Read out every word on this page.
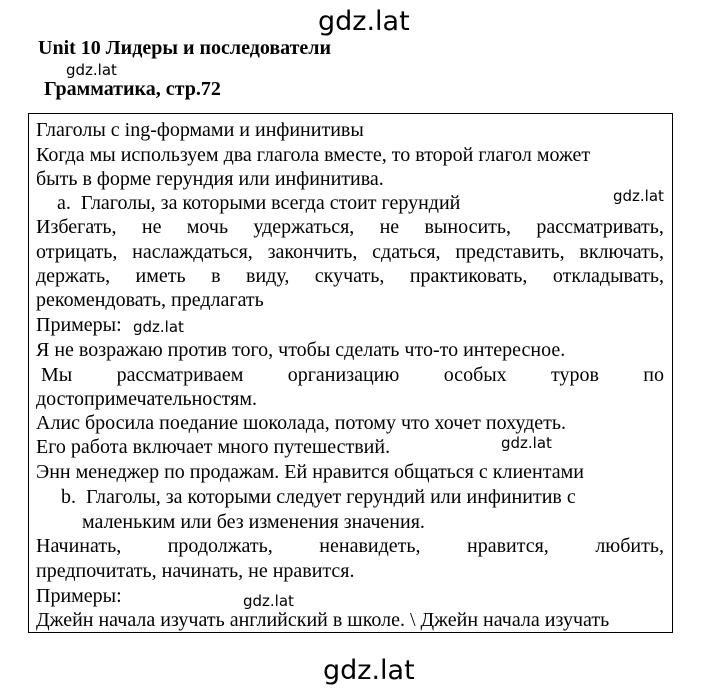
gdz.lat
Unit 10 Лидеры и последователи
gdz.lat
Грамматика, стр.72
Глаголы с ing-формами и инфинитивы
Когда мы используем два глагола вместе, то второй глагол может
быть в форме герундия или инфинитива.
a. Глаголы, за которыми всегда стоит герундий	gdz.lat
Избегать, не мочь удержаться, не выносить, рассматривать,
отрицать, наслаждаться, закончить, сдаться, представить, включать,
держать, иметь в виду, скучать, практиковать, откладывать,
рекомендовать, предлагать
Примеры: gdz.lat
Я не возражаю против того, чтобы сделать что-то интересное.
Мы рассматриваем организацию особых туров по
достопримечательностям.
Алис бросила поедание шоколада, потому что хочет похудеть.
Его работа включает много путешествий.	gdz.lat
Энн менеджер по продажам. Ей нравится общаться с клиентами
b. Глаголы, за которыми следует герундий или инфинитив с
маленьким или без изменения значения.
Начинать, продолжать, ненавидеть, нравится, любить,
предпочитать, начинать, не нравится.
Примеры:	gdz.lat
Джейн начала изучать английский в школе. \ Джейн начала изучать
gdz.lat
